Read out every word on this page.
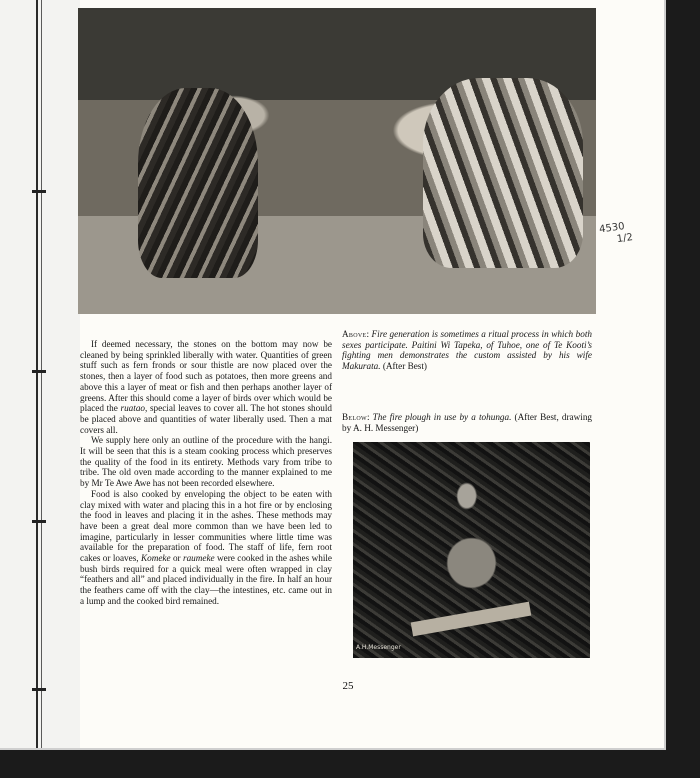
If deemed necessary, the stones on the bottom may now be cleaned by being sprinkled liberally with water. Quantities of green stuff such as fern fronds or sour thistle are now placed over the stones, then a layer of food such as potatoes, then more greens and above this a layer of meat or fish and then perhaps another layer of greens. After this should come a layer of birds over which would be placed the ruatao, special leaves to cover all. The hot stones should be placed above and quantities of water liberally used. Then a mat covers all.

We supply here only an outline of the procedure with the hangi. It will be seen that this is a steam cooking process which preserves the quality of the food in its entirety. Methods vary from tribe to tribe. The old oven made according to the manner explained to me by Mr Te Awe Awe has not been recorded elsewhere.

Food is also cooked by enveloping the object to be eaten with clay mixed with water and placing this in a hot fire or by enclosing the food in leaves and placing it in the ashes. These methods may have been a great deal more common than we have been led to imagine, particularly in lesser communities where little time was available for the preparation of food. The staff of life, fern root cakes or loaves, Komeke or raumeke were cooked in the ashes while bush birds required for a quick meal were often wrapped in clay “feathers and all” and placed individually in the fire. In half an hour the feathers came off with the clay—the intestines, etc. came out in a lump and the cooked bird remained.

Above: Fire generation is sometimes a ritual process in which both sexes participate. Paitini Wi Tapeka, of Tuhoe, one of Te Kooti’s fighting men demonstrates the custom assisted by his wife Makurata. (After Best)

Below: The fire plough in use by a tohunga. (After Best, drawing by A. H. Messenger)

A.H.Messenger
25
4530
1/2
